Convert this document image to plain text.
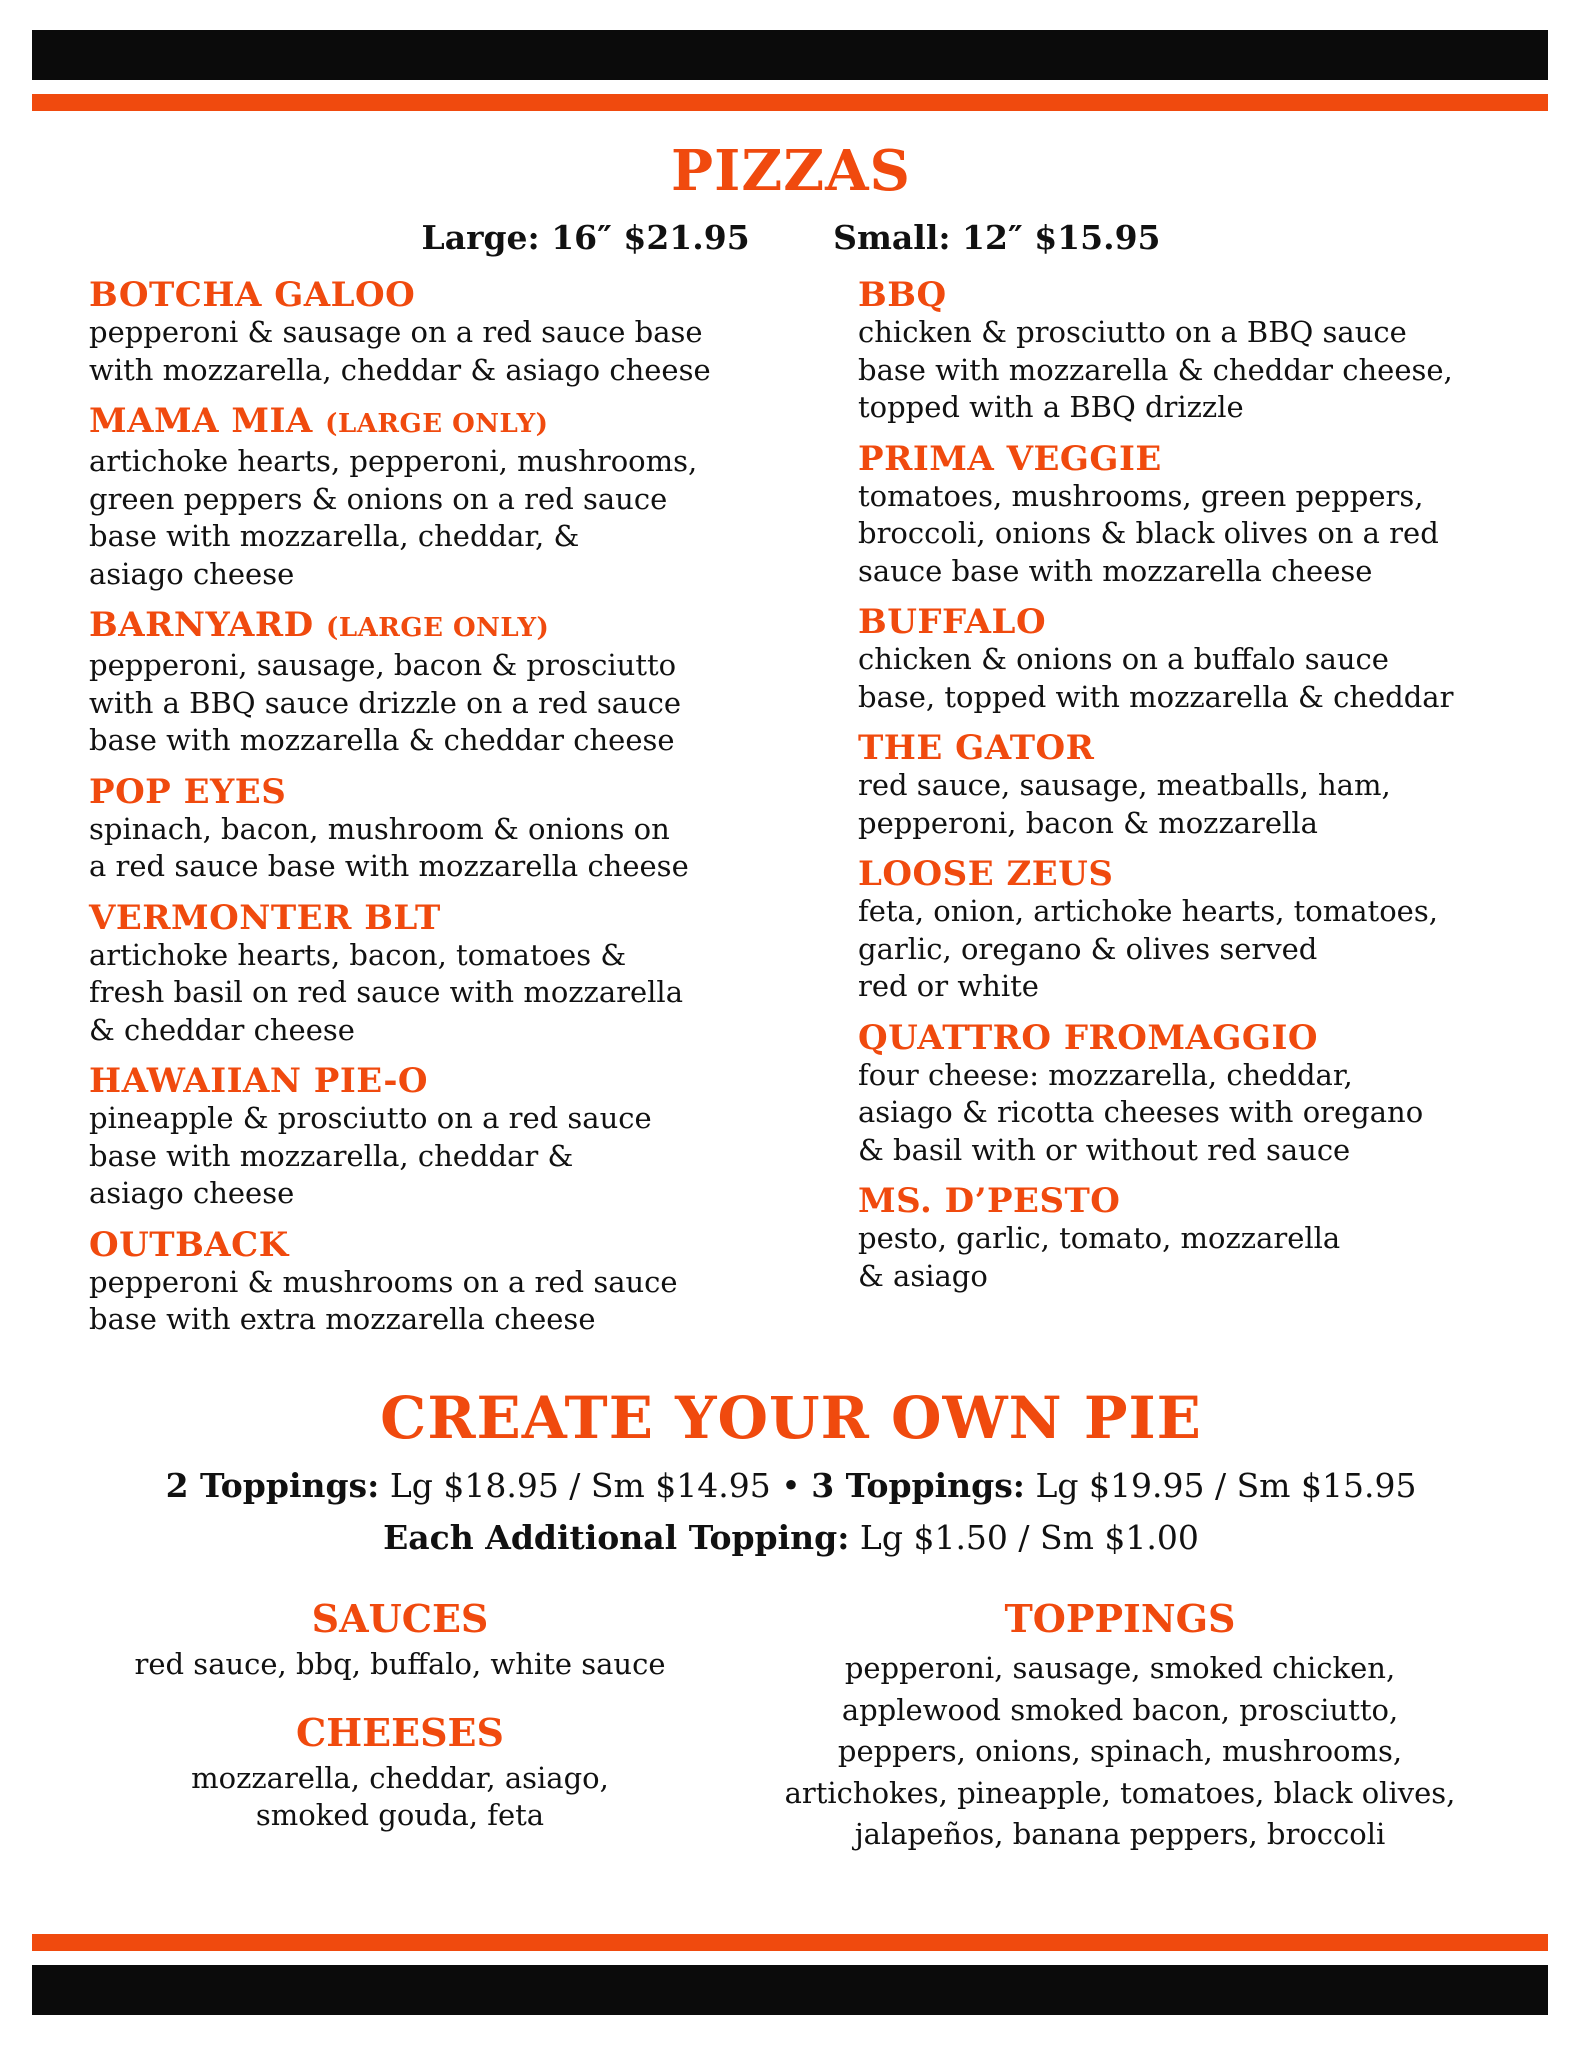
PIZZAS
Large: 16″ $21.95	Small: 12″ $15.95
BOTCHA GALOO
pepperoni & sausage on a red sauce base
with mozzarella, cheddar & asiago cheese
MAMA MIA (LARGE ONLY)
artichoke hearts, pepperoni, mushrooms,
green peppers & onions on a red sauce
base with mozzarella, cheddar, &
asiago cheese
BARNYARD (LARGE ONLY)
pepperoni, sausage, bacon & prosciutto
with a BBQ sauce drizzle on a red sauce
base with mozzarella & cheddar cheese
POP EYES
spinach, bacon, mushroom & onions on
a red sauce base with mozzarella cheese
VERMONTER BLT
artichoke hearts, bacon, tomatoes &
fresh basil on red sauce with mozzarella
& cheddar cheese
HAWAIIAN PIE-O
pineapple & prosciutto on a red sauce
base with mozzarella, cheddar &
asiago cheese
OUTBACK
pepperoni & mushrooms on a red sauce
base with extra mozzarella cheese
BBQ
chicken & prosciutto on a BBQ sauce
base with mozzarella & cheddar cheese,
topped with a BBQ drizzle
PRIMA VEGGIE
tomatoes, mushrooms, green peppers,
broccoli, onions & black olives on a red
sauce base with mozzarella cheese
BUFFALO
chicken & onions on a buffalo sauce
base, topped with mozzarella & cheddar
THE GATOR
red sauce, sausage, meatballs, ham,
pepperoni, bacon & mozzarella
LOOSE ZEUS
feta, onion, artichoke hearts, tomatoes,
garlic, oregano & olives served
red or white
QUATTRO FROMAGGIO
four cheese: mozzarella, cheddar,
asiago & ricotta cheeses with oregano
& basil with or without red sauce
MS. D’PESTO
pesto, garlic, tomato, mozzarella
& asiago
CREATE YOUR OWN PIE
2 Toppings: Lg $18.95 / Sm $14.95 • 3 Toppings: Lg $19.95 / Sm $15.95
Each Additional Topping: Lg $1.50 / Sm $1.00
SAUCES
red sauce, bbq, buffalo, white sauce
CHEESES
mozzarella, cheddar, asiago,
smoked gouda, feta
TOPPINGS
pepperoni, sausage, smoked chicken,
applewood smoked bacon, prosciutto,
peppers, onions, spinach, mushrooms,
artichokes, pineapple, tomatoes, black olives,
jalapeños, banana peppers, broccoli
